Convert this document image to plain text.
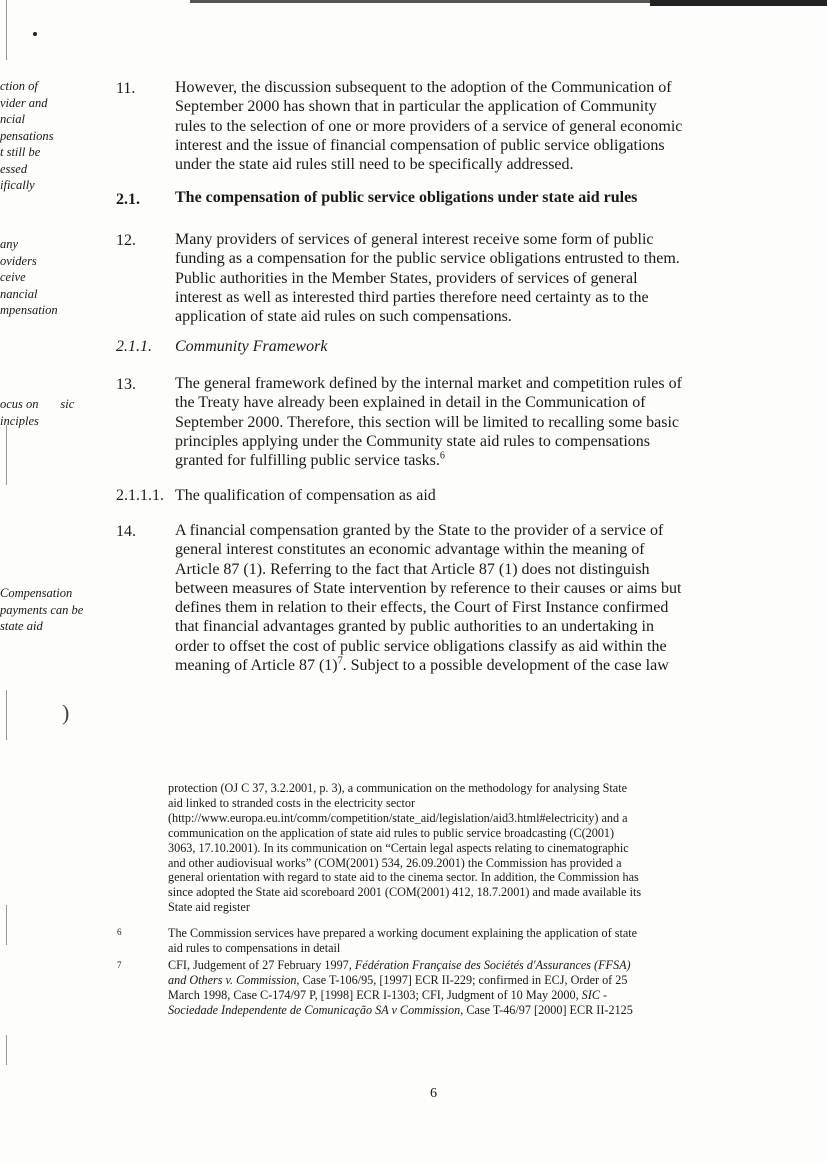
)
ction of
vider and
ncial
pensations
t still be
essed
ifically
any
oviders
ceive
nancial
mpensation
ocus on sic
inciples
Compensation
payments can be
state aid
11. However, the discussion subsequent to the adoption of the Communication of
September 2000 has shown that in particular the application of Community
rules to the selection of one or more providers of a service of general economic
interest and the issue of financial compensation of public service obligations
under the state aid rules still need to be specifically addressed.
2.1. The compensation of public service obligations under state aid rules
12. Many providers of services of general interest receive some form of public
funding as a compensation for the public service obligations entrusted to them.
Public authorities in the Member States, providers of services of general
interest as well as interested third parties therefore need certainty as to the
application of state aid rules on such compensations.
2.1.1. Community Framework
13. The general framework defined by the internal market and competition rules of
the Treaty have already been explained in detail in the Communication of
September 2000. Therefore, this section will be limited to recalling some basic
principles applying under the Community state aid rules to compensations
granted for fulfilling public service tasks.$^6$
2.1.1.1. The qualification of compensation as aid
14. A financial compensation granted by the State to the provider of a service of
general interest constitutes an economic advantage within the meaning of
Article 87 (1). Referring to the fact that Article 87 (1) does not distinguish
between measures of State intervention by reference to their causes or aims but
defines them in relation to their effects, the Court of First Instance confirmed
that financial advantages granted by public authorities to an undertaking in
order to offset the cost of public service obligations classify as aid within the
meaning of Article 87 $(1)^7$. Subject to a possible development of the case law
protection (OJ C 37, 3.2.2001, p. 3), a communication on the methodology for analysing State
aid linked to stranded costs in the electricity sector
(http://www.europa.eu.int/comm/competition/state_aid/legislation/aid3.html#electricity) and a
communication on the application of state aid rules to public service broadcasting (C(2001)
3063, 17.10.2001). In its communication on “Certain legal aspects relating to cinematographic
and other audiovisual works” (COM(2001) 534, 26.09.2001) the Commission has provided a
general orientation with regard to state aid to the cinema sector. In addition, the Commission has
since adopted the State aid scoreboard 2001 (COM(2001) 412, 18.7.2001) and made available its
State aid register
6	The Commission services have prepared a working document explaining the application of state
aid rules to compensations in detail
7	CFI, Judgement of 27 February 1997, Fédération Française des Sociétés d'Assurances (FFSA)
and Others v. Commission, Case T-106/95, [1997] ECR II-229; confirmed in ECJ, Order of 25
March 1998, Case C-174/97 P, [1998] ECR I-1303; CFI, Judgment of 10 May 2000, SIC -
Sociedade Independente de Comunicação SA v Commission, Case T-46/97 [2000] ECR II-2125
6
